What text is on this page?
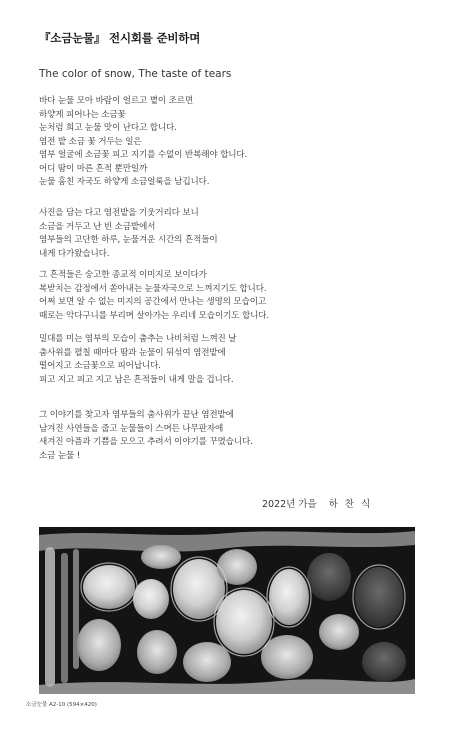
『소금눈물』 전시회를 준비하며
The color of snow, The taste of tears

바다 눈물 모아 바람이 얼르고 볕이 조르면
하얗게 피어나는 소금꽃
눈처럼 희고 눈물 맛이 난다고 합니다.
염전 밭 소금 꽃 거두는 일은
염부 얼굴에 소금꽃 피고 지기를 수없이 반복해야 합니다.
어디 땀이 마른 흔적 뿐만일까
눈물 훔친 자국도 하얗게 소금얼룩을 남깁니다.

사진을 담는 다고 염전밭을 기웃거리다 보니
소금을 거두고 난 빈 소금밭에서
염부들의 고단한 하루, 눈물겨운 시간의 흔적들이
내게 다가왔습니다.

그 흔적들은 숭고한 종교적 이미지로 보이다가
복받치는 감정에서 쏟아내는 눈물자국으로 느껴지기도 합니다.
어쩌 보면 알 수 없는 미지의 공간에서 만나는 생명의 모습이고
때로는 악다구니를 부리며 살아가는 우리네 모습이기도 합니다.

밀대를 미는 염부의 모습이 춤추는 나비처럼 느껴진 날
춤사위를 펼칠 때마다 땀과 눈물이 뒤섞여 염전밭에
떨어지고 소금꽃으로 피어납니다.
피고 지고 피고 지고 남은 흔적들이 내게 말을 겁니다.

그 이야기를 찾고자 염부들의 춤사위가 끝난 염전밭에
남겨진 사연들을 줍고 눈물들이 스며든 나무판자에
새겨진 아픔과 기쁨을 모으고 추려서 이야기를 꾸몄습니다.
소금 눈물 !

2022년 가을 하 찬 식
소금눈물 A2-10 (594×420)
